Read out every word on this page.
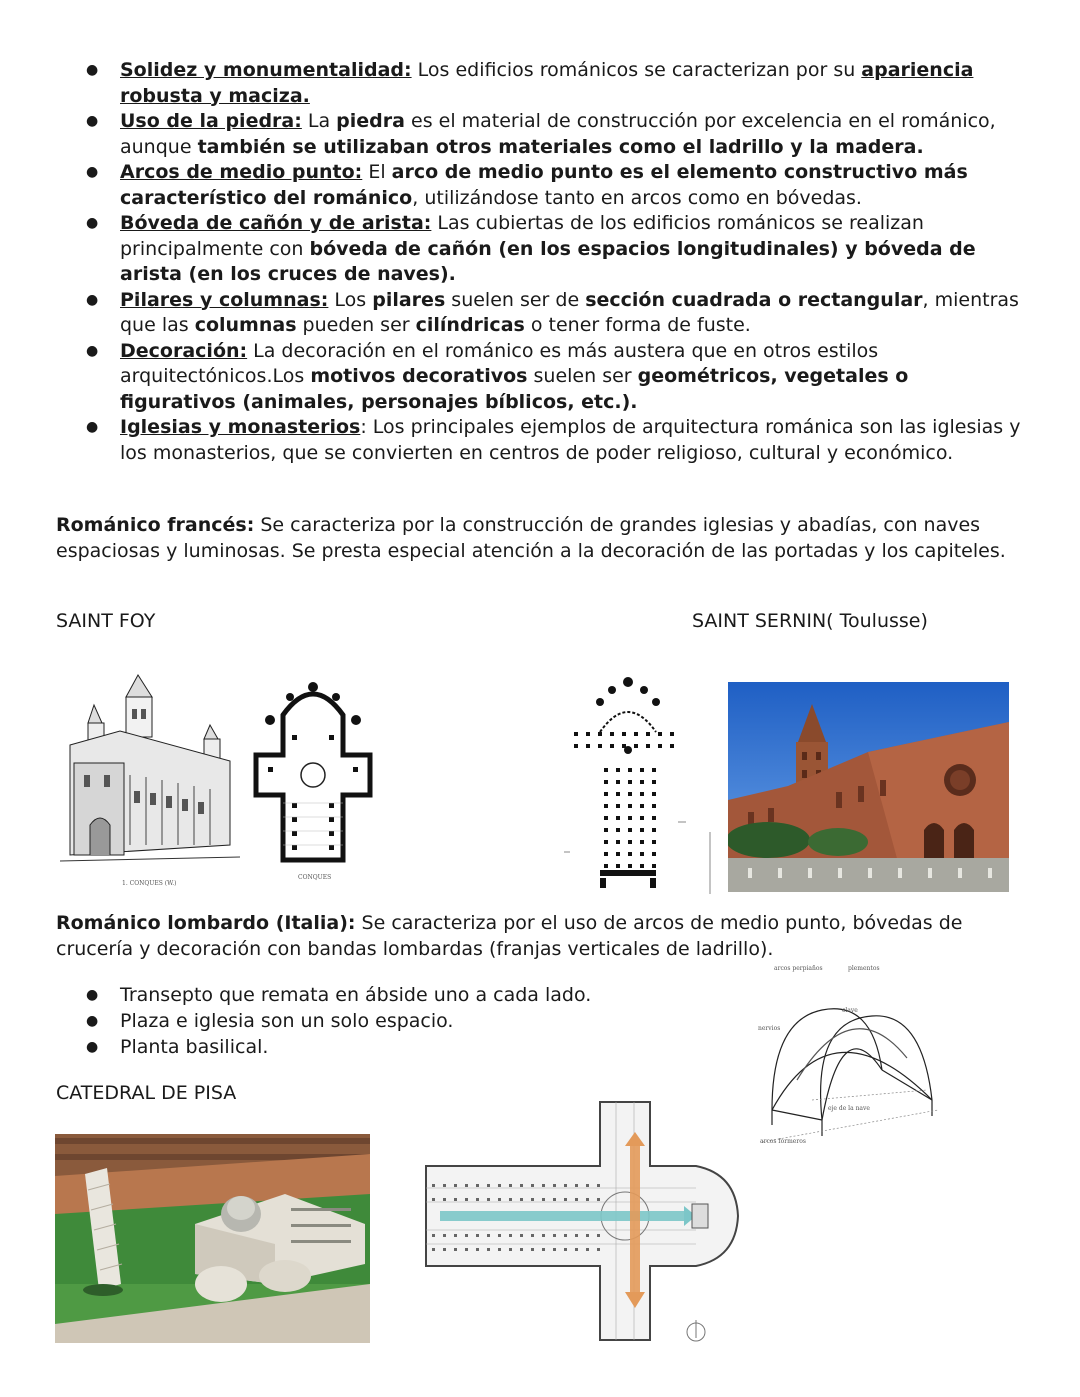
● Solidez y monumentalidad: Los edificios románicos se caracterizan por su apariencia robusta y maciza.
● Uso de la piedra: La piedra es el material de construcción por excelencia en el románico, aunque también se utilizaban otros materiales como el ladrillo y la madera.
● Arcos de medio punto: El arco de medio punto es el elemento constructivo más característico del románico, utilizándose tanto en arcos como en bóvedas.
● Bóveda de cañón y de arista: Las cubiertas de los edificios románicos se realizan principalmente con bóveda de cañón (en los espacios longitudinales) y bóveda de arista (en los cruces de naves).
● Pilares y columnas: Los pilares suelen ser de sección cuadrada o rectangular, mientras que las columnas pueden ser cilíndricas o tener forma de fuste.
● Decoración: La decoración en el románico es más austera que en otros estilos arquitectónicos.Los motivos decorativos suelen ser geométricos, vegetales o figurativos (animales, personajes bíblicos, etc.).
● Iglesias y monasterios: Los principales ejemplos de arquitectura románica son las iglesias y los monasterios, que se convierten en centros de poder religioso, cultural y económico.

Románico francés: Se caracteriza por la construcción de grandes iglesias y abadías, con naves espaciosas y luminosas. Se presta especial atención a la decoración de las portadas y los capiteles.

SAINT FOY	SAINT SERNIN( Toulusse)
1. CONQUES (W.)
CONQUES

Románico lombardo (Italia): Se caracteriza por el uso de arcos de medio punto, bóvedas de crucería y decoración con bandas lombardas (franjas verticales de ladrillo).

● Transepto que remata en ábside uno a cada lado.
● Plaza e iglesia son un solo espacio.
● Planta basilical.
arcos perpiaños	plementos
clave
nervios
eje de la nave
arcos formeros
CATEDRAL DE PISA
